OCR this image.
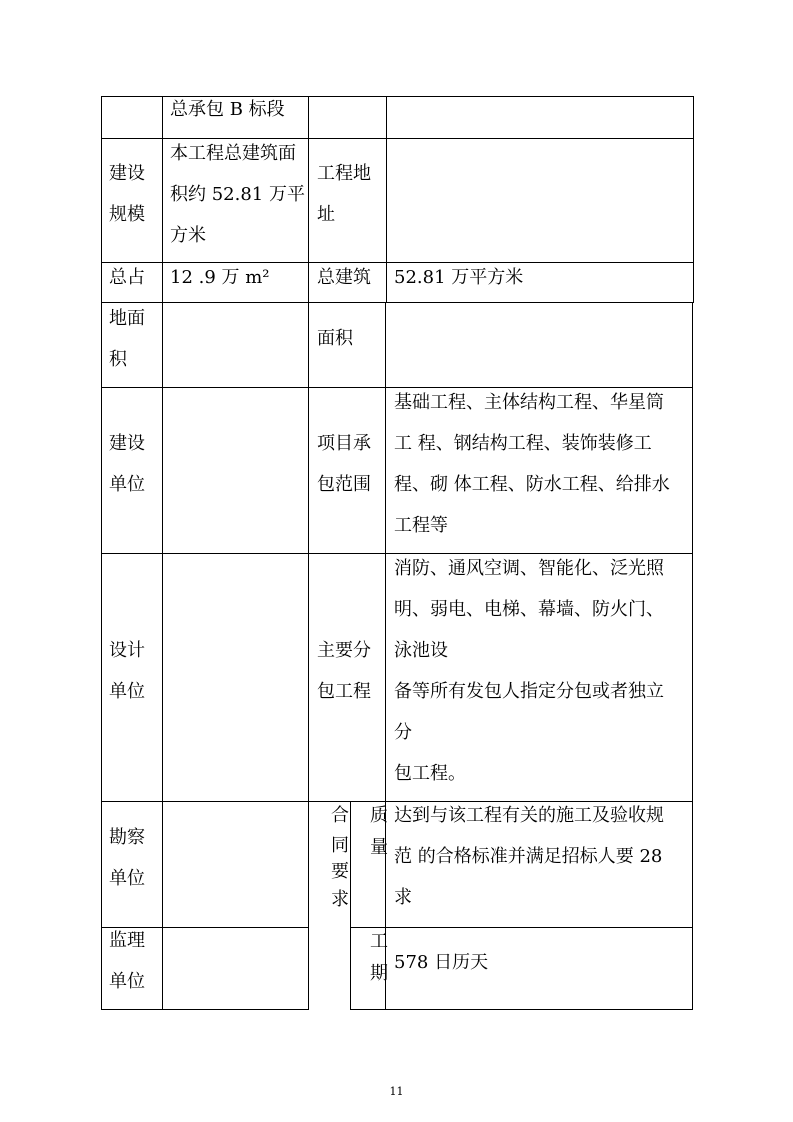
总承包 B 标段
建设
规模
本工程总建筑面
积约 52.81 万平
方米
工程地
址
总占
地面
积
12 .9 万 m²	总建筑
面积
52.81 万平方米
建设
单位
项目承
包范围
基础工程、主体结构工程、华星筒
工 程、钢结构工程、装饰装修工
程、砌 体工程、防水工程、给排水
工程等
设计
单位
主要分
包工程
消防、通风空调、智能化、泛光照
明、弱电、电梯、幕墙、防火门、
泳池设
备等所有发包人指定分包或者独立
分
包工程。
勘察
单位
合
同
要
求
质
量
达到与该工程有关的施工及验收规
范 的合格标准并满足招标人要 28
求
监理
单位
工
期
578 日历天
11
